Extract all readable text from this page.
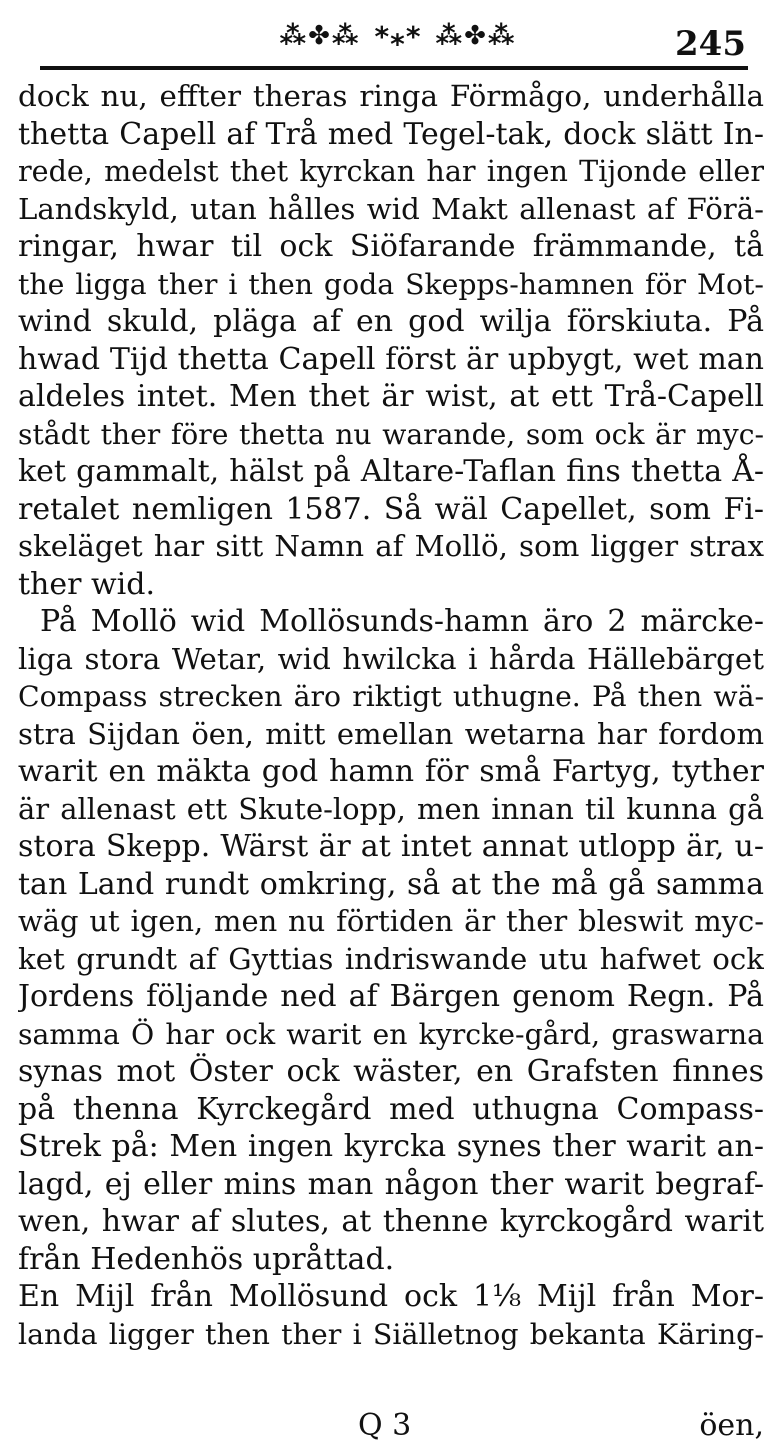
⁂✤⁂ *⁎* ⁂✤⁂	245
dock nu, effter theras ringa Förmågo, underhålla
thetta Capell af Trå med Tegel-tak, dock slätt In-
rede, medelst thet kyrckan har ingen Tijonde eller
Landskyld, utan hålles wid Makt allenast af Förä-
ringar, hwar til ock Siöfarande främmande, tå
the ligga ther i then goda Skepps-hamnen för Mot-
wind skuld, pläga af en god wilja förskiuta. På
hwad Tijd thetta Capell först är upbygt, wet man
aldeles intet. Men thet är wist, at ett Trå-Capell
stådt ther före thetta nu warande, som ock är myc-
ket gammalt, hälst på Altare-Taflan fins thetta Å-
retalet nemligen 1587. Så wäl Capellet, som Fi-
skeläget har sitt Namn af Mollö, som ligger strax
ther wid.
På Mollö wid Mollösunds-hamn äro 2 märcke-
liga stora Wetar, wid hwilcka i hårda Hällebärget
Compass strecken äro riktigt uthugne. På then wä-
stra Sijdan öen, mitt emellan wetarna har fordom
warit en mäkta god hamn för små Fartyg, tyther
är allenast ett Skute-lopp, men innan til kunna gå
stora Skepp. Wärst är at intet annat utlopp är, u-
tan Land rundt omkring, så at the må gå samma
wäg ut igen, men nu förtiden är ther bleswit myc-
ket grundt af Gyttias indriswande utu hafwet ock
Jordens följande ned af Bärgen genom Regn. På
samma Ö har ock warit en kyrcke-gård, graswarna
synas mot Öster ock wäster, en Grafsten finnes
på thenna Kyrckegård med uthugna Compass-
Strek på: Men ingen kyrcka synes ther warit an-
lagd, ej eller mins man någon ther warit begraf-
wen, hwar af slutes, at thenne kyrckogård warit
från Hedenhös upråttad.
En Mijl från Mollösund ock 1⅛ Mijl från Mor-
landa ligger then ther i Siälletnog bekanta Käring-
Q 3	öen,
